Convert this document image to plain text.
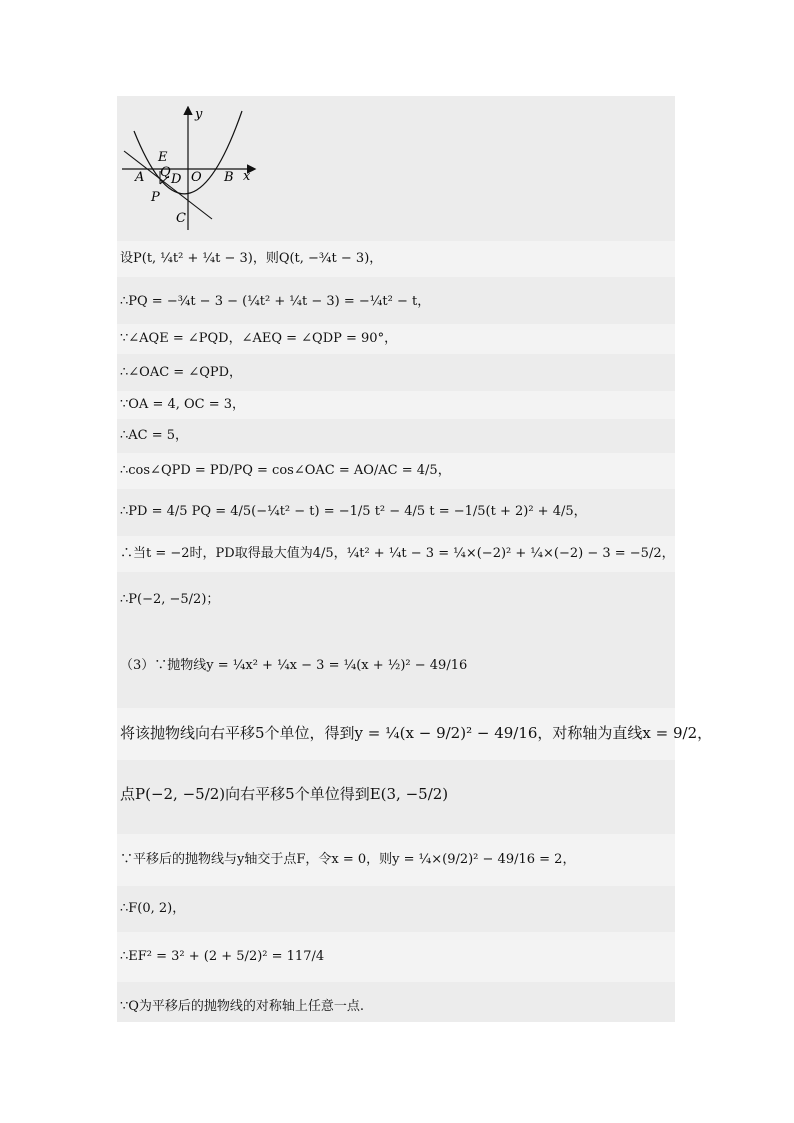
y
x
E
A Q D O B
P
C
设P(t, ¼t² + ¼t − 3)，则Q(t, −¾t − 3)，
∴PQ = −¾t − 3 − (¼t² + ¼t − 3) = −¼t² − t，
∵∠AQE = ∠PQD，∠AEQ = ∠QDP = 90°，
∴∠OAC = ∠QPD，
∵OA = 4, OC = 3，
∴AC = 5，
∴cos∠QPD = PD/PQ = cos∠OAC = AO/AC = 4/5，
∴PD = 4/5 PQ = 4/5(−¼t² − t) = −1/5 t² − 4/5 t = −1/5(t + 2)² + 4/5，
∴当t = −2时，PD取得最大值为4/5，¼t² + ¼t − 3 = ¼×(−2)² + ¼×(−2) − 3 = −5/2，
∴P(−2, −5/2)；
（3）∵抛物线y = ¼x² + ¼x − 3 = ¼(x + ½)² − 49/16
将该抛物线向右平移5个单位，得到y = ¼(x − 9/2)² − 49/16，对称轴为直线x = 9/2，
点P(−2, −5/2)向右平移5个单位得到E(3, −5/2)
∵平移后的抛物线与y轴交于点F，令x = 0，则y = ¼×(9/2)² − 49/16 = 2，
∴F(0, 2)，
∴EF² = 3² + (2 + 5/2)² = 117/4
∵Q为平移后的抛物线的对称轴上任意一点.
